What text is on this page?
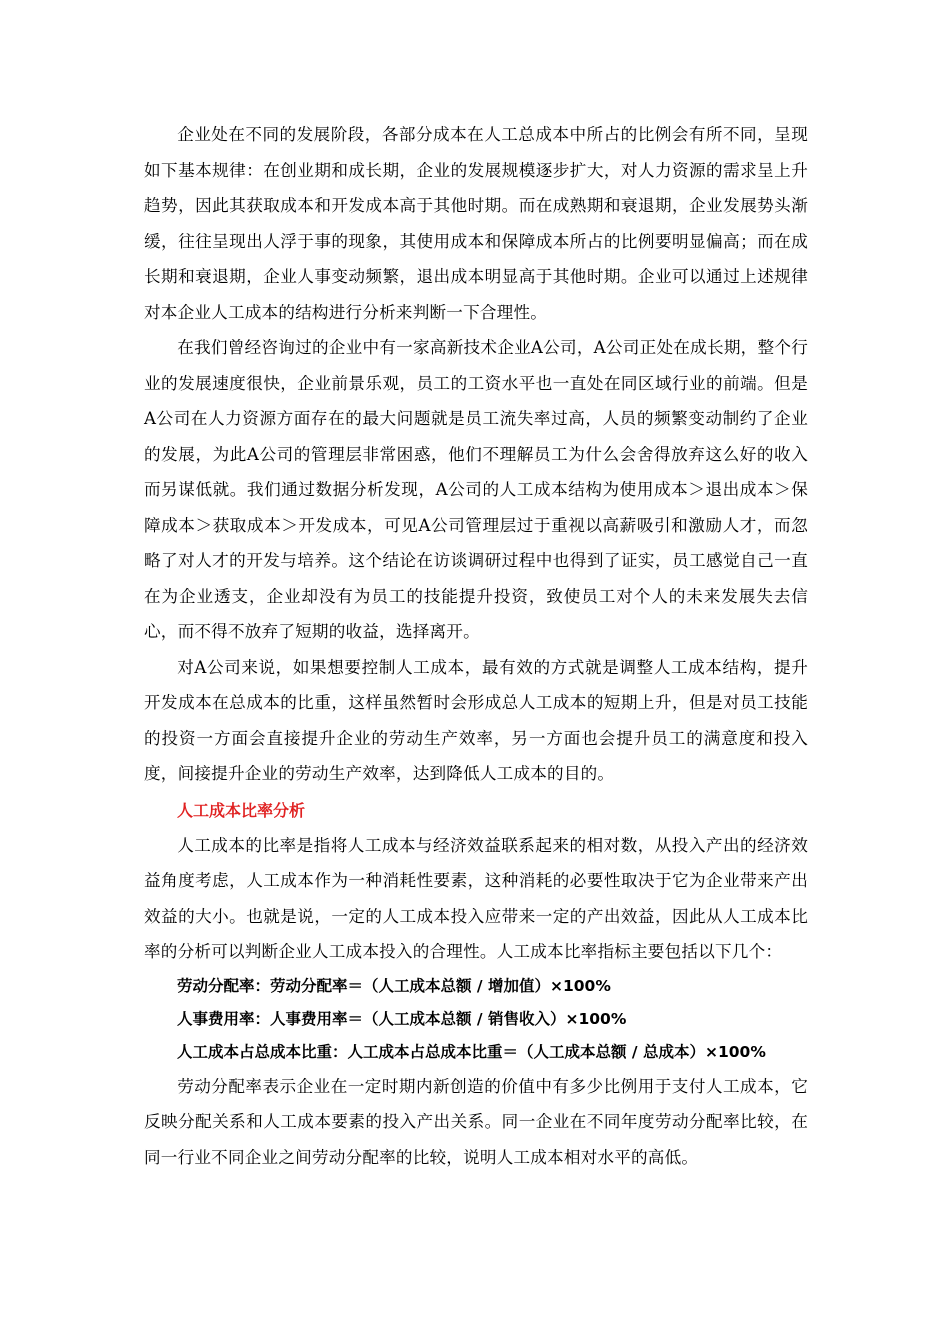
企业处在不同的发展阶段，各部分成本在人工总成本中所占的比例会有所不同，呈现如下基本规律：在创业期和成长期，企业的发展规模逐步扩大，对人力资源的需求呈上升趋势，因此其获取成本和开发成本高于其他时期。而在成熟期和衰退期，企业发展势头渐缓，往往呈现出人浮于事的现象，其使用成本和保障成本所占的比例要明显偏高；而在成长期和衰退期，企业人事变动频繁，退出成本明显高于其他时期。企业可以通过上述规律对本企业人工成本的结构进行分析来判断一下合理性。

在我们曾经咨询过的企业中有一家高新技术企业A公司，A公司正处在成长期，整个行业的发展速度很快，企业前景乐观，员工的工资水平也一直处在同区域行业的前端。但是A公司在人力资源方面存在的最大问题就是员工流失率过高，人员的频繁变动制约了企业的发展，为此A公司的管理层非常困惑，他们不理解员工为什么会舍得放弃这么好的收入而另谋低就。我们通过数据分析发现，A公司的人工成本结构为使用成本＞退出成本＞保障成本＞获取成本＞开发成本，可见A公司管理层过于重视以高薪吸引和激励人才，而忽略了对人才的开发与培养。这个结论在访谈调研过程中也得到了证实，员工感觉自己一直在为企业透支，企业却没有为员工的技能提升投资，致使员工对个人的未来发展失去信心，而不得不放弃了短期的收益，选择离开。

对A公司来说，如果想要控制人工成本，最有效的方式就是调整人工成本结构，提升开发成本在总成本的比重，这样虽然暂时会形成总人工成本的短期上升，但是对员工技能的投资一方面会直接提升企业的劳动生产效率，另一方面也会提升员工的满意度和投入度，间接提升企业的劳动生产效率，达到降低人工成本的目的。

人工成本比率分析

人工成本的比率是指将人工成本与经济效益联系起来的相对数，从投入产出的经济效益角度考虑，人工成本作为一种消耗性要素，这种消耗的必要性取决于它为企业带来产出效益的大小。也就是说，一定的人工成本投入应带来一定的产出效益，因此从人工成本比率的分析可以判断企业人工成本投入的合理性。人工成本比率指标主要包括以下几个：

劳动分配率：劳动分配率＝（人工成本总额 / 增加值）×100%
人事费用率：人事费用率＝（人工成本总额 / 销售收入）×100%
人工成本占总成本比重：人工成本占总成本比重＝（人工成本总额 / 总成本）×100%

劳动分配率表示企业在一定时期内新创造的价值中有多少比例用于支付人工成本，它反映分配关系和人工成本要素的投入产出关系。同一企业在不同年度劳动分配率比较，在同一行业不同企业之间劳动分配率的比较，说明人工成本相对水平的高低。
